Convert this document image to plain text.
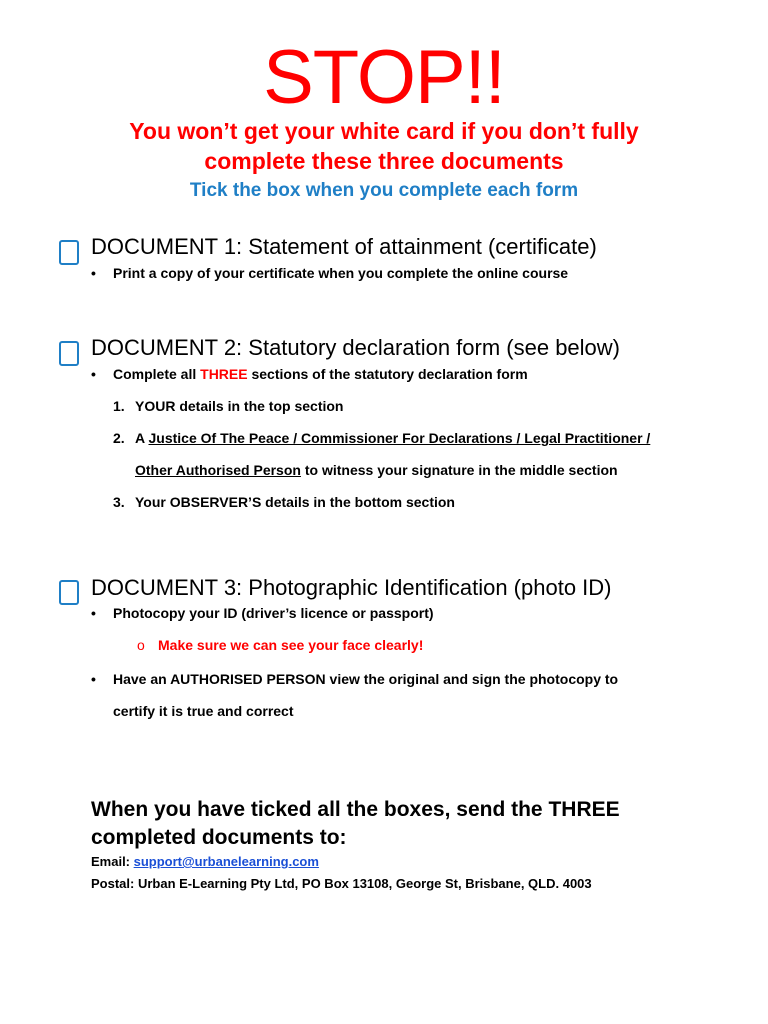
STOP!!
You won’t get your white card if you don’t fully
complete these three documents
Tick the box when you complete each form
DOCUMENT 1: Statement of attainment (certificate)
• Print a copy of your certificate when you complete the online course
DOCUMENT 2: Statutory declaration form (see below)
• Complete all THREE sections of the statutory declaration form
1. YOUR details in the top section
2. A Justice Of The Peace / Commissioner For Declarations / Legal Practitioner /
Other Authorised Person to witness your signature in the middle section
3. Your OBSERVER’S details in the bottom section
DOCUMENT 3: Photographic Identification (photo ID)
• Photocopy your ID (driver’s licence or passport)
o Make sure we can see your face clearly!
• Have an AUTHORISED PERSON view the original and sign the photocopy to
certify it is true and correct
When you have ticked all the boxes, send the THREE
completed documents to:
Email: support@urbanelearning.com
Postal: Urban E-Learning Pty Ltd, PO Box 13108, George St, Brisbane, QLD. 4003
